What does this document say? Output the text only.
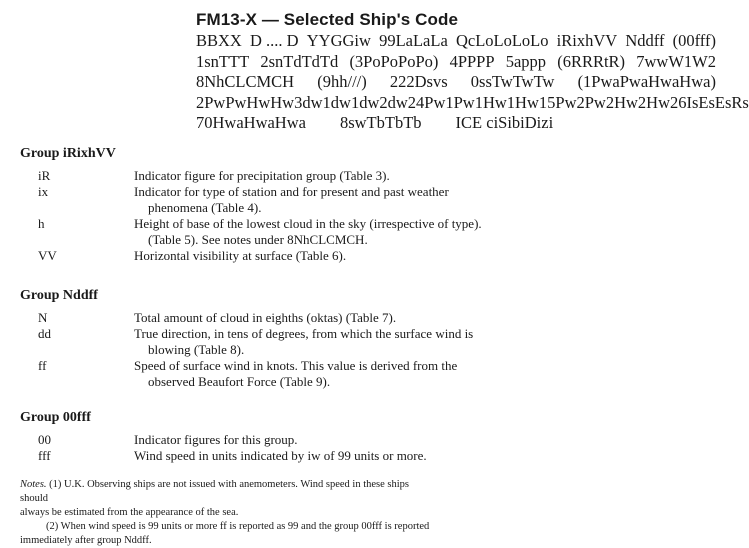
FM13-X — Selected Ship's Code
BBXX D .... D YYGGiw 99LaLaLa QcLoLoLoLo iRixhVV Nddff (00fff)
1snTTT 2snTdTdTd (3PoPoPoPo) 4PPPP 5appp (6RRRtR) 7wwW1W2
8NhCLCMCH (9hh///) 222Dsvs 0ssTwTwTw (1PwaPwaHwaHwa)
2PwPwHwHw 3dw1dw1dw2dw2 4Pw1Pw1Hw1Hw1 5Pw2Pw2Hw2Hw2 6IsEsEsRs
70HwaHwaHwa 8swTbTbTb ICE ciSibiDizi
Group iRixhVV
iR	Indicator figure for precipitation group (Table 3).
ix	Indicator for type of station and for present and past weather
phenomena (Table 4).
h	Height of base of the lowest cloud in the sky (irrespective of type).
(Table 5). See notes under 8NhCLCMCH.
VV	Horizontal visibility at surface (Table 6).
Group Nddff
N	Total amount of cloud in eighths (oktas) (Table 7).
dd	True direction, in tens of degrees, from which the surface wind is
blowing (Table 8).
ff	Speed of surface wind in knots. This value is derived from the
observed Beaufort Force (Table 9).
Group 00fff
00	Indicator figures for this group.
fff	Wind speed in units indicated by iw of 99 units or more.
Notes. (1) U.K. Observing ships are not issued with anemometers. Wind speed in these ships should
always be estimated from the appearance of the sea.
(2) When wind speed is 99 units or more ff is reported as 99 and the group 00fff is reported
immediately after group Nddff.
